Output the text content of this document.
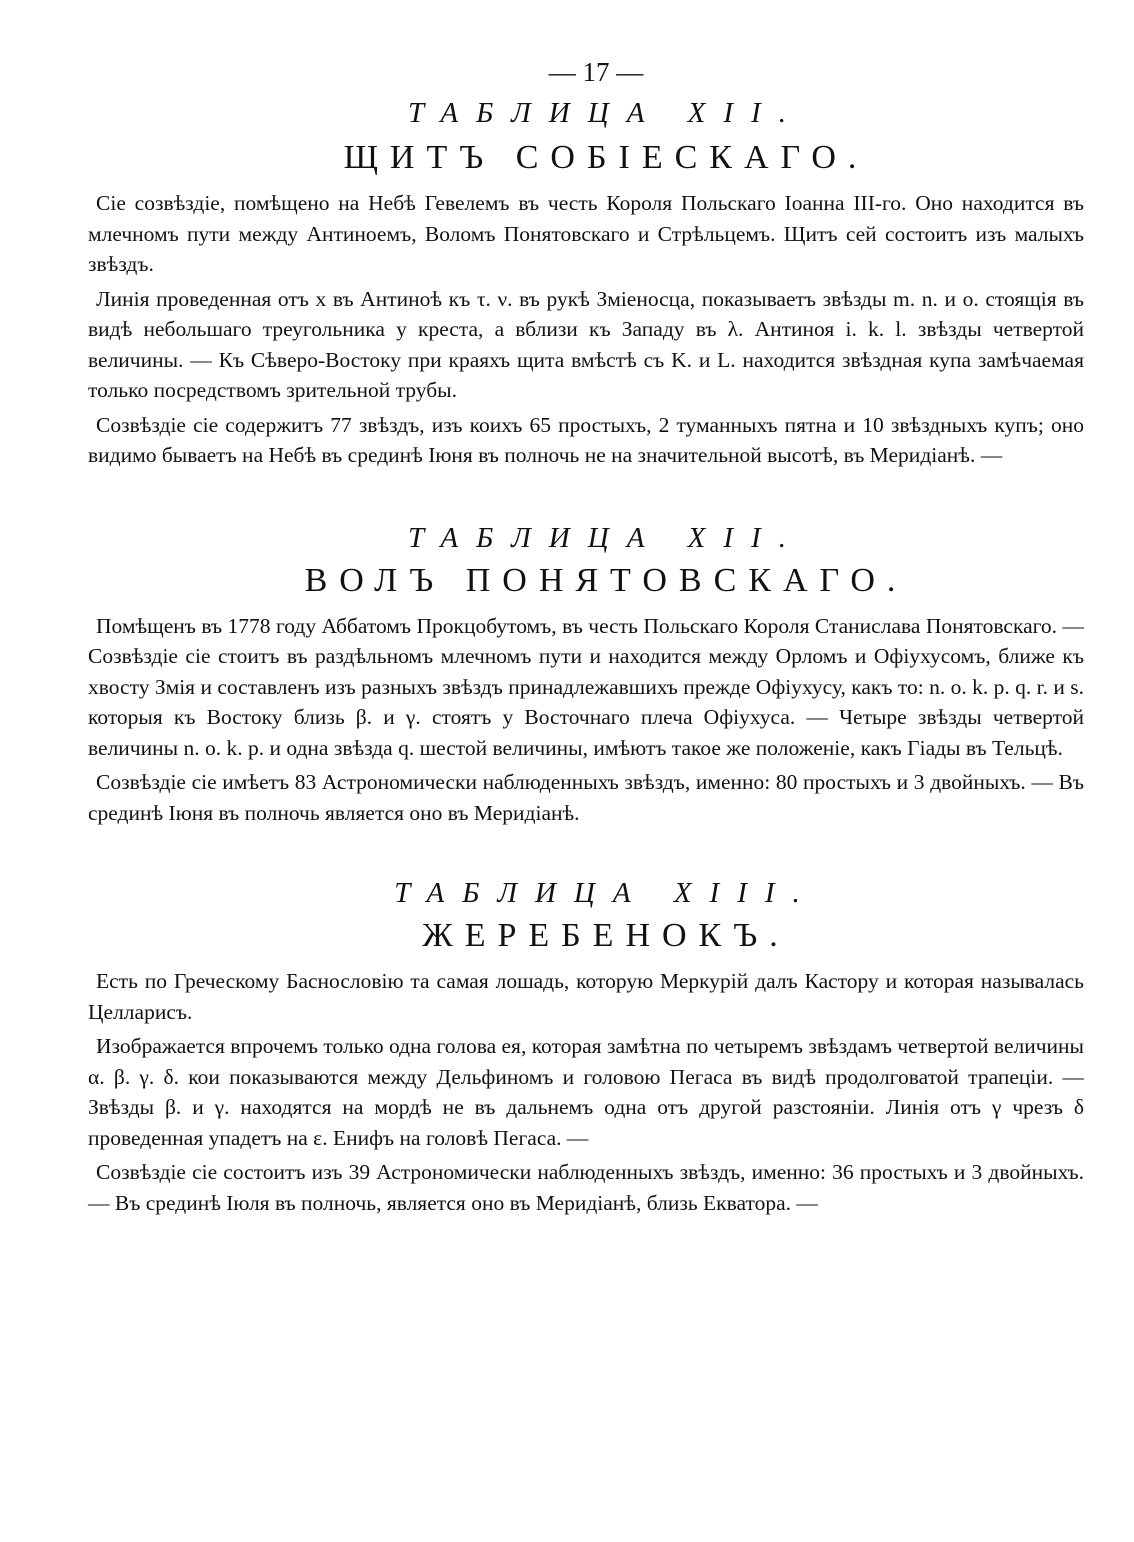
— 17 —
ТАБЛИЦА XII.
ЩИТЪ СОБІЕСКАГО.

Сіе созвѣздіе, помѣщено на Небѣ Гевелемъ въ честь Короля Польскаго Іоанна III-го. Оно находится въ млечномъ пути между Антиноемъ, Воломъ Понятовскаго и Стрѣльцемъ. Щитъ сей состоитъ изъ малыхъ звѣздъ.

Линія проведенная отъ x въ Антиноѣ къ τ. ν. въ рукѣ Зміеносца, показываетъ звѣзды m. n. и o. стоящія въ видѣ небольшаго треугольника у креста, а вблизи къ Западу въ λ. Антиноя i. k. l. звѣзды четвертой величины. — Къ Сѣверо-Востоку при краяхъ щита вмѣстѣ съ K. и L. находится звѣздная купа замѣчаемая только посредствомъ зрительной трубы.

Созвѣздіе сіе содержитъ 77 звѣздъ, изъ коихъ 65 простыхъ, 2 туманныхъ пятна и 10 звѣздныхъ купъ; оно видимо бываетъ на Небѣ въ срединѣ Іюня въ полночь не на значительной высотѣ, въ Меридіанѣ. —

ТАБЛИЦА XII.
ВОЛЪ ПОНЯТОВСКАГО.

Помѣщенъ въ 1778 году Аббатомъ Прокцобутомъ, въ честь Польскаго Короля Станислава Понятовскаго. — Созвѣздіе сіе стоитъ въ раздѣльномъ млечномъ пути и находится между Орломъ и Офіухусомъ, ближе къ хвосту Змія и составленъ изъ разныхъ звѣздъ принадлежавшихъ прежде Офіухусу, какъ то: n. o. k. p. q. r. и s. которыя къ Востоку близь β. и γ. стоятъ у Восточнаго плеча Офіухуса. — Четыре звѣзды четвертой величины n. o. k. p. и одна звѣзда q. шестой величины, имѣютъ такое же положеніе, какъ Гіады въ Тельцѣ.

Созвѣздіе сіе имѣетъ 83 Астрономически наблюденныхъ звѣздъ, именно: 80 простыхъ и 3 двойныхъ. — Въ срединѣ Іюня въ полночь является оно въ Меридіанѣ.

ТАБЛИЦА XIII.
ЖЕРЕБЕНОКЪ.

Есть по Греческому Баснословію та самая лошадь, которую Меркурій далъ Кастору и которая называлась Целларисъ.

Изображается впрочемъ только одна голова ея, которая замѣтна по четыремъ звѣздамъ четвертой величины α. β. γ. δ. кои показываются между Дельфиномъ и головою Пегаса въ видѣ продолговатой трапеціи. — Звѣзды β. и γ. находятся на мордѣ не въ дальнемъ одна отъ другой разстояніи. Линія отъ γ чрезъ δ проведенная упадетъ на ε. Енифъ на головѣ Пегаса. —

Созвѣздіе сіе состоитъ изъ 39 Астрономически наблюденныхъ звѣздъ, именно: 36 простыхъ и 3 двойныхъ. — Въ срединѣ Іюля въ полночь, является оно въ Меридіанѣ, близь Екватора. —
